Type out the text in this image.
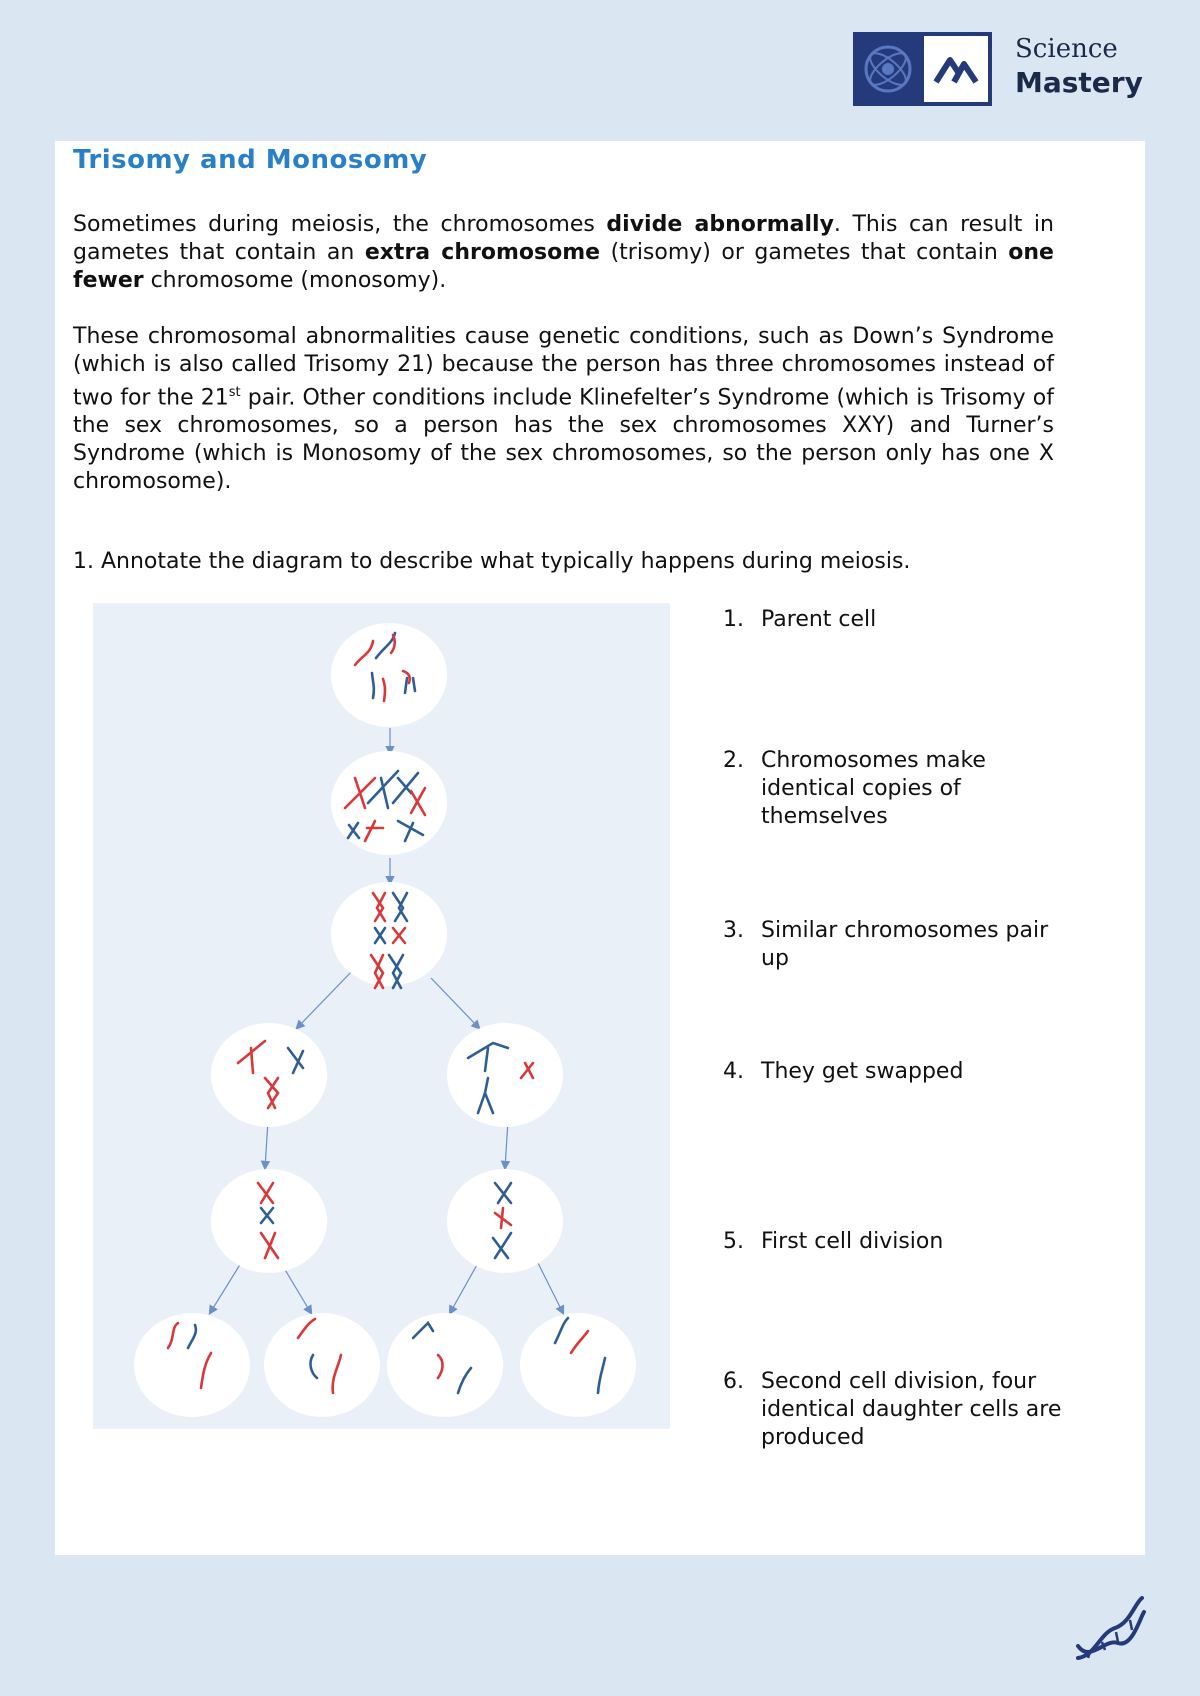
Science
Mastery
Trisomy and Monosomy
Sometimes during meiosis, the chromosomes divide abnormally. This can result in gametes that contain an extra chromosome (trisomy) or gametes that contain one fewer chromosome (monosomy).
These chromosomal abnormalities cause genetic conditions, such as Down’s Syndrome (which is also called Trisomy 21) because the person has three chromosomes instead of two for the 21st pair. Other conditions include Klinefelter’s Syndrome (which is Trisomy of the sex chromosomes, so a person has the sex chromosomes XXY) and Turner’s Syndrome (which is Monosomy of the sex chromosomes, so the person only has one X chromosome).
1. Annotate the diagram to describe what typically happens during meiosis.
1. Parent cell
2. Chromosomes make identical copies of themselves
3. Similar chromosomes pair up
4. They get swapped
5. First cell division
6. Second cell division, four identical daughter cells are produced
